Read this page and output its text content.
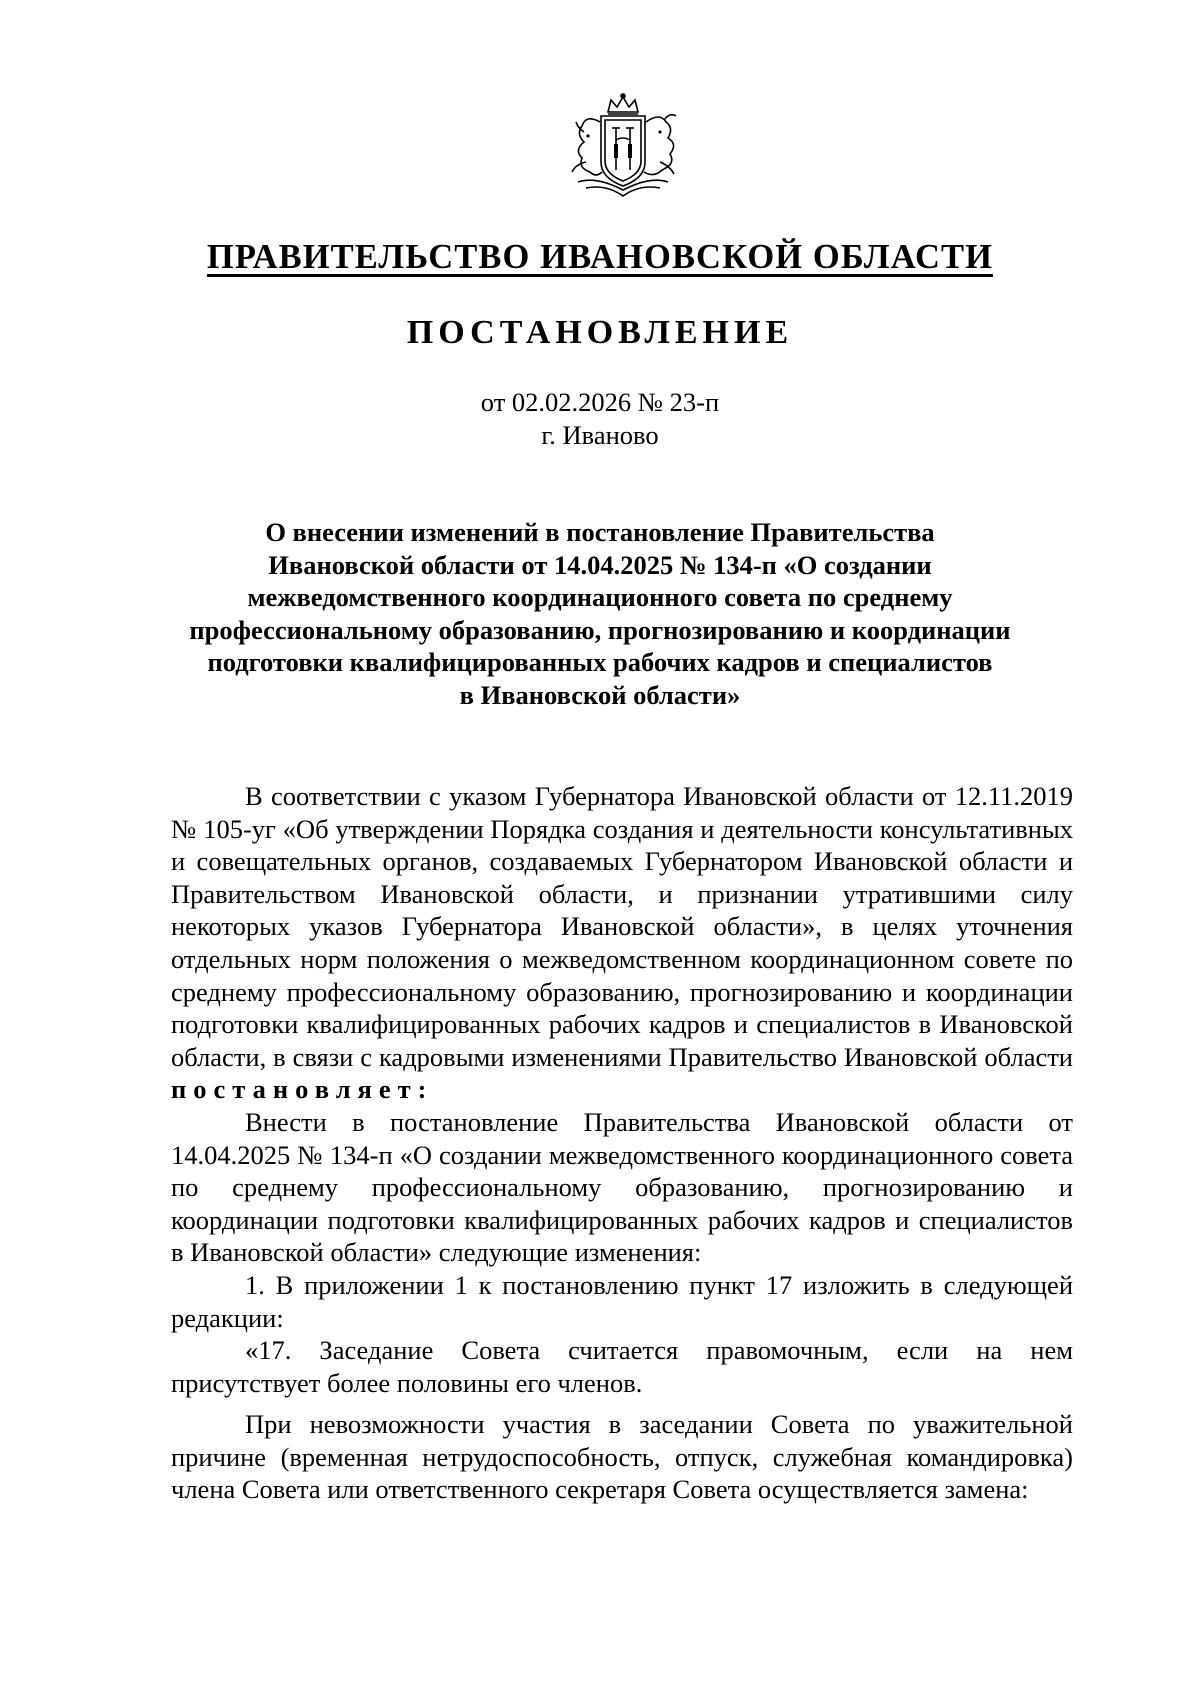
ПРАВИТЕЛЬСТВО ИВАНОВСКОЙ ОБЛАСТИ
ПОСТАНОВЛЕНИЕ
от 02.02.2026 № 23-п
г. Иваново
О внесении изменений в постановление Правительства
Ивановской области от 14.04.2025 № 134-п «О создании
межведомственного координационного совета по среднему
профессиональному образованию, прогнозированию и координации
подготовки квалифицированных рабочих кадров и специалистов
в Ивановской области»

В соответствии с указом Губернатора Ивановской области от 12.11.2019 № 105-уг «Об утверждении Порядка создания и деятельности консультативных и совещательных органов, создаваемых Губернатором Ивановской области и Правительством Ивановской области, и признании утратившими силу некоторых указов Губернатора Ивановской области», в целях уточнения отдельных норм положения о межведомственном координационном совете по среднему профессиональному образованию, прогнозированию и координации подготовки квалифицированных рабочих кадров и специалистов в Ивановской области, в связи с кадровыми изменениями Правительство Ивановской области постановляет:

Внести в постановление Правительства Ивановской области от 14.04.2025 № 134-п «О создании межведомственного координационного совета по среднему профессиональному образованию, прогнозированию и координации подготовки квалифицированных рабочих кадров и специалистов в Ивановской области» следующие изменения:

1. В приложении 1 к постановлению пункт 17 изложить в следующей редакции:

«17. Заседание Совета считается правомочным, если на нем присутствует более половины его членов.

При невозможности участия в заседании Совета по уважительной причине (временная нетрудоспособность, отпуск, служебная командировка) члена Совета или ответственного секретаря Совета осуществляется замена:
